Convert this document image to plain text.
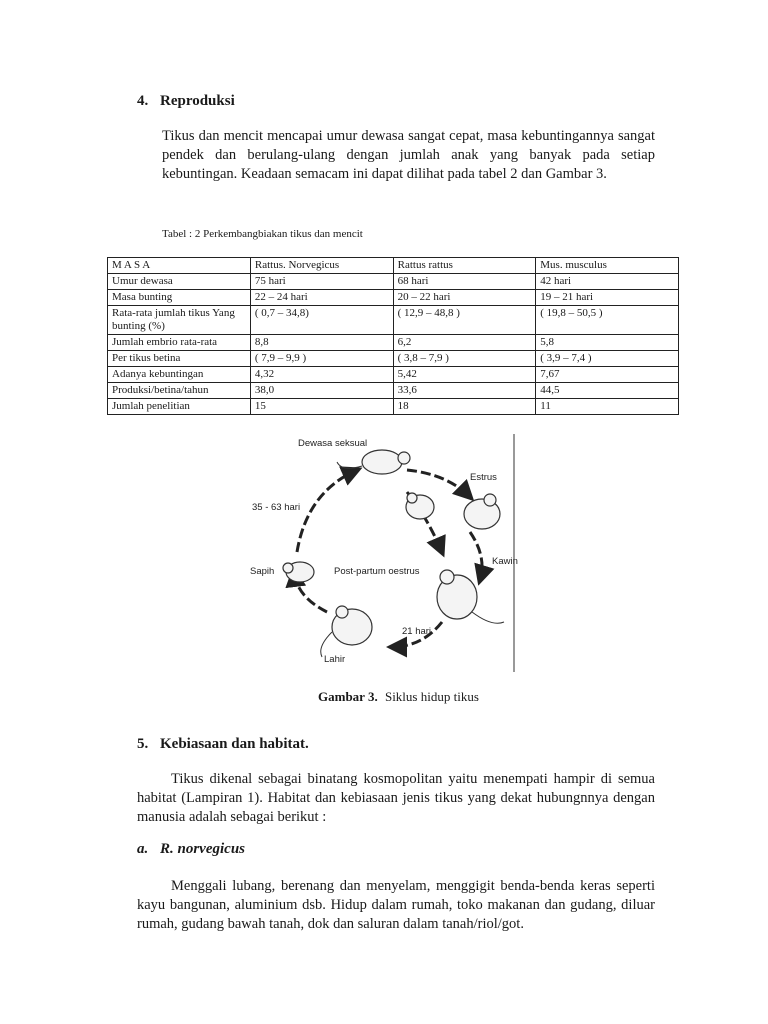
4. Reproduksi
Tikus dan mencit mencapai umur dewasa sangat cepat, masa kebuntingannya sangat pendek dan berulang-ulang dengan jumlah anak yang banyak pada setiap kebuntingan. Keadaan semacam ini dapat dilihat pada tabel 2 dan Gambar 3.
Tabel : 2 Perkembangbiakan tikus dan mencit
M A S A	Rattus. Norvegicus	Rattus rattus	Mus. musculus
Umur dewasa	75 hari	68 hari	42 hari
Masa bunting	22 – 24 hari	20 – 22 hari	19 – 21 hari
Rata-rata jumlah tikus Yang bunting (%)	( 0,7 – 34,8)	( 12,9 – 48,8 )	( 19,8 – 50,5 )
Jumlah embrio rata-rata	8,8	6,2	5,8
Per tikus betina	( 7,9 – 9,9 )	( 3,8 – 7,9 )	( 3,9 – 7,4 )
Adanya kebuntingan	4,32	5,42	7,67
Produksi/betina/tahun	38,0	33,6	44,5
Jumlah penelitian	15	18	11
Dewasa seksual
Estrus
35 - 63 hari
Kawin
Sapih	Post-partum oestrus
21 hari
Lahir
Gambar 3. Siklus hidup tikus
5. Kebiasaan dan habitat.
Tikus dikenal sebagai binatang kosmopolitan yaitu menempati hampir di semua habitat (Lampiran 1). Habitat dan kebiasaan jenis tikus yang dekat hubungnnya dengan manusia adalah sebagai berikut :
a. R. norvegicus
Menggali lubang, berenang dan menyelam, menggigit benda-benda keras seperti kayu bangunan, aluminium dsb. Hidup dalam rumah, toko makanan dan gudang, diluar rumah, gudang bawah tanah, dok dan saluran dalam tanah/riol/got.
